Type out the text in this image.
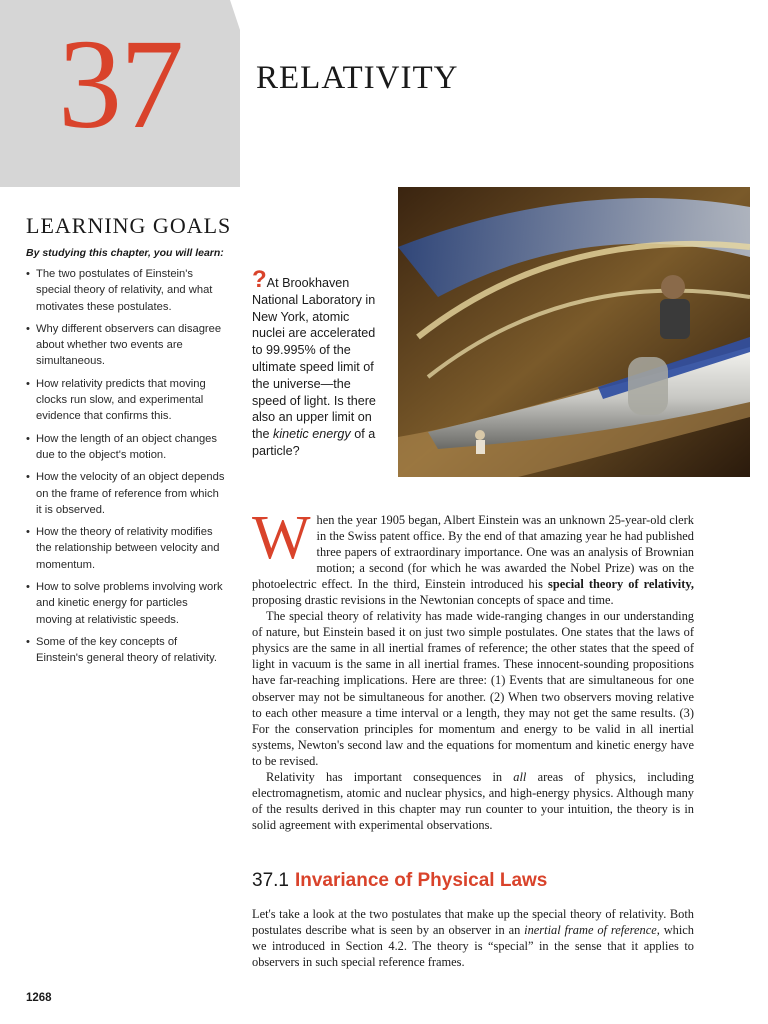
37 RELATIVITY
LEARNING GOALS
By studying this chapter, you will learn:
• The two postulates of Einstein's special theory of relativity, and what motivates these postulates.
• Why different observers can disagree about whether two events are simultaneous.
• How relativity predicts that moving clocks run slow, and experimental evidence that confirms this.
• How the length of an object changes due to the object's motion.
• How the velocity of an object depends on the frame of reference from which it is observed.
• How the theory of relativity modifies the relationship between velocity and momentum.
• How to solve problems involving work and kinetic energy for particles moving at relativistic speeds.
• Some of the key concepts of Einstein's general theory of relativity.
?At Brookhaven National Laboratory in New York, atomic nuclei are accelerated to 99.995% of the ultimate speed limit of the universe—the speed of light. Is there also an upper limit on the kinetic energy of a particle?

When the year 1905 began, Albert Einstein was an unknown 25-year-old clerk in the Swiss patent office. By the end of that amazing year he had published three papers of extraordinary importance. One was an analysis of Brownian motion; a second (for which he was awarded the Nobel Prize) was on the photoelectric effect. In the third, Einstein introduced his special theory of relativity, proposing drastic revisions in the Newtonian concepts of space and time.

The special theory of relativity has made wide-ranging changes in our understanding of nature, but Einstein based it on just two simple postulates. One states that the laws of physics are the same in all inertial frames of reference; the other states that the speed of light in vacuum is the same in all inertial frames. These innocent-sounding propositions have far-reaching implications. Here are three: (1) Events that are simultaneous for one observer may not be simultaneous for another. (2) When two observers moving relative to each other measure a time interval or a length, they may not get the same results. (3) For the conservation principles for momentum and energy to be valid in all inertial systems, Newton's second law and the equations for momentum and kinetic energy have to be revised.

Relativity has important consequences in all areas of physics, including electromagnetism, atomic and nuclear physics, and high-energy physics. Although many of the results derived in this chapter may run counter to your intuition, the theory is in solid agreement with experimental observations.

37.1 Invariance of Physical Laws

Let's take a look at the two postulates that make up the special theory of relativity. Both postulates describe what is seen by an observer in an inertial frame of reference, which we introduced in Section 4.2. The theory is “special” in the sense that it applies to observers in such special reference frames.

1268
